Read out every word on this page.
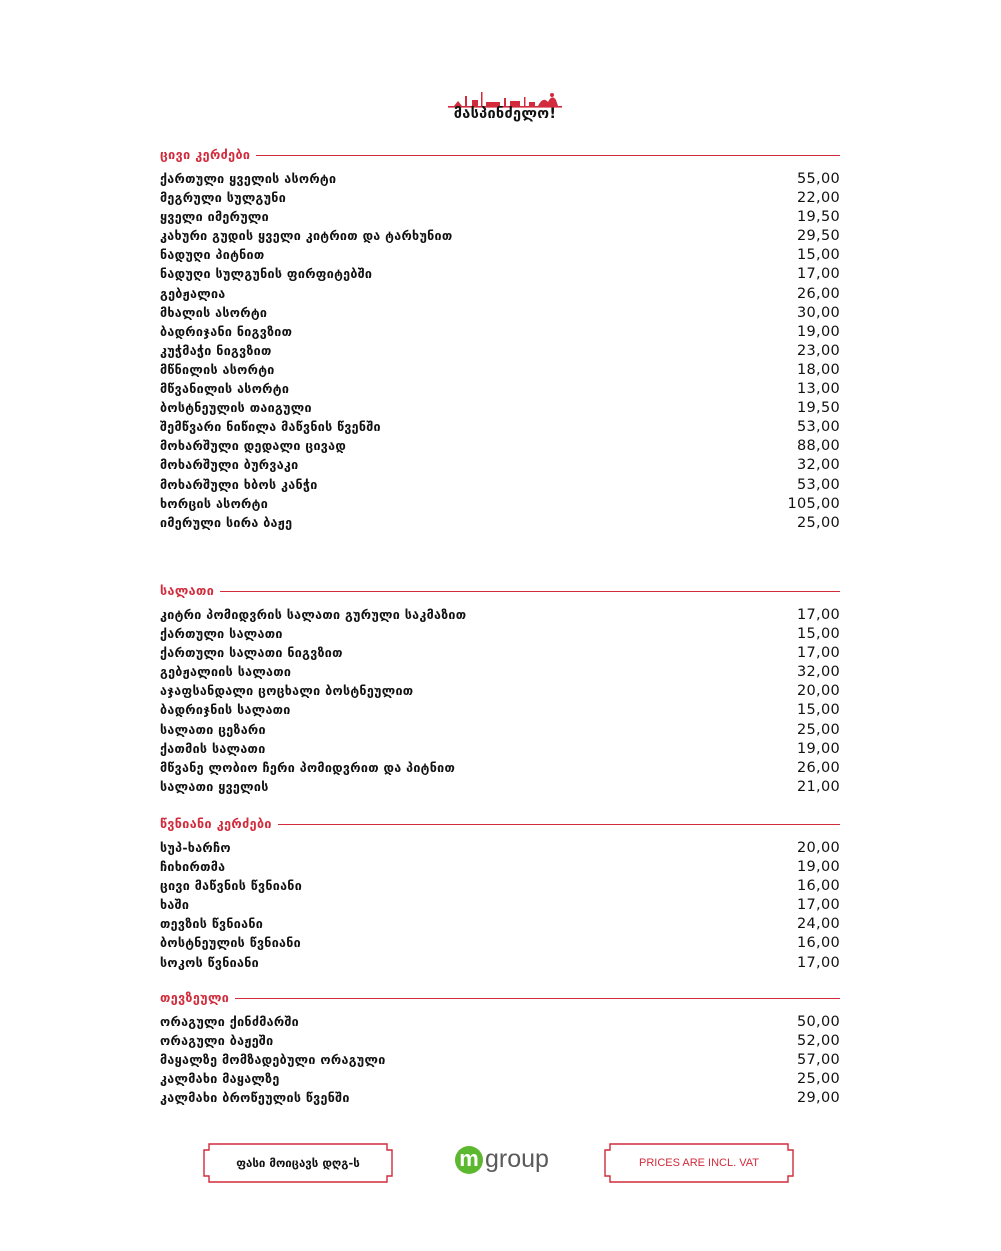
მასპინძელო!
ცივი კერძები
ქართული ყველის ასორტი	55,00
მეგრული სულგუნი	22,00
ყველი იმერული	19,50
კახური გუდის ყველი კიტრით და ტარხუნით	29,50
ნადუღი პიტნით	15,00
ნადუღი სულგუნის ფირფიტებში	17,00
გებჟალია	26,00
მხალის ასორტი	30,00
ბადრიჯანი ნიგვზით	19,00
კუჭმაჭი ნიგვზით	23,00
მწნილის ასორტი	18,00
მწვანილის ასორტი	13,00
ბოსტნეულის თაიგული	19,50
შემწვარი ნიწილა მაწვნის წვენში	53,00
მოხარშული დედალი ცივად	88,00
მოხარშული ბურვაკი	32,00
მოხარშული ხბოს კანჭი	53,00
ხორცის ასორტი	105,00
იმერული სირა ბაჟე	25,00
სალათი
კიტრი პომიდვრის სალათი გურული საკმაზით	17,00
ქართული სალათი	15,00
ქართული სალათი ნიგვზით	17,00
გებჟალიის სალათი	32,00
აჯაფსანდალი ცოცხალი ბოსტნეულით	20,00
ბადრიჯნის სალათი	15,00
სალათი ცეზარი	25,00
ქათმის სალათი	19,00
მწვანე ლობიო ჩერი პომიდვრით და პიტნით	26,00
სალათი ყველის	21,00
წვნიანი კერძები
სუპ-ხარჩო	20,00
ჩიხირთმა	19,00
ცივი მაწვნის წვნიანი	16,00
ხაში	17,00
თევზის წვნიანი	24,00
ბოსტნეულის წვნიანი	16,00
სოკოს წვნიანი	17,00
თევზეული
ორაგული ქინძმარში	50,00
ორაგული ბაჟეში	52,00
მაყალზე მომზადებული ორაგული	57,00
კალმახი მაყალზე	25,00
კალმახი ბროწეულის წვენში	29,00
ფასი მოიცავს დღგ-ს	m group	PRICES ARE INCL. VAT
